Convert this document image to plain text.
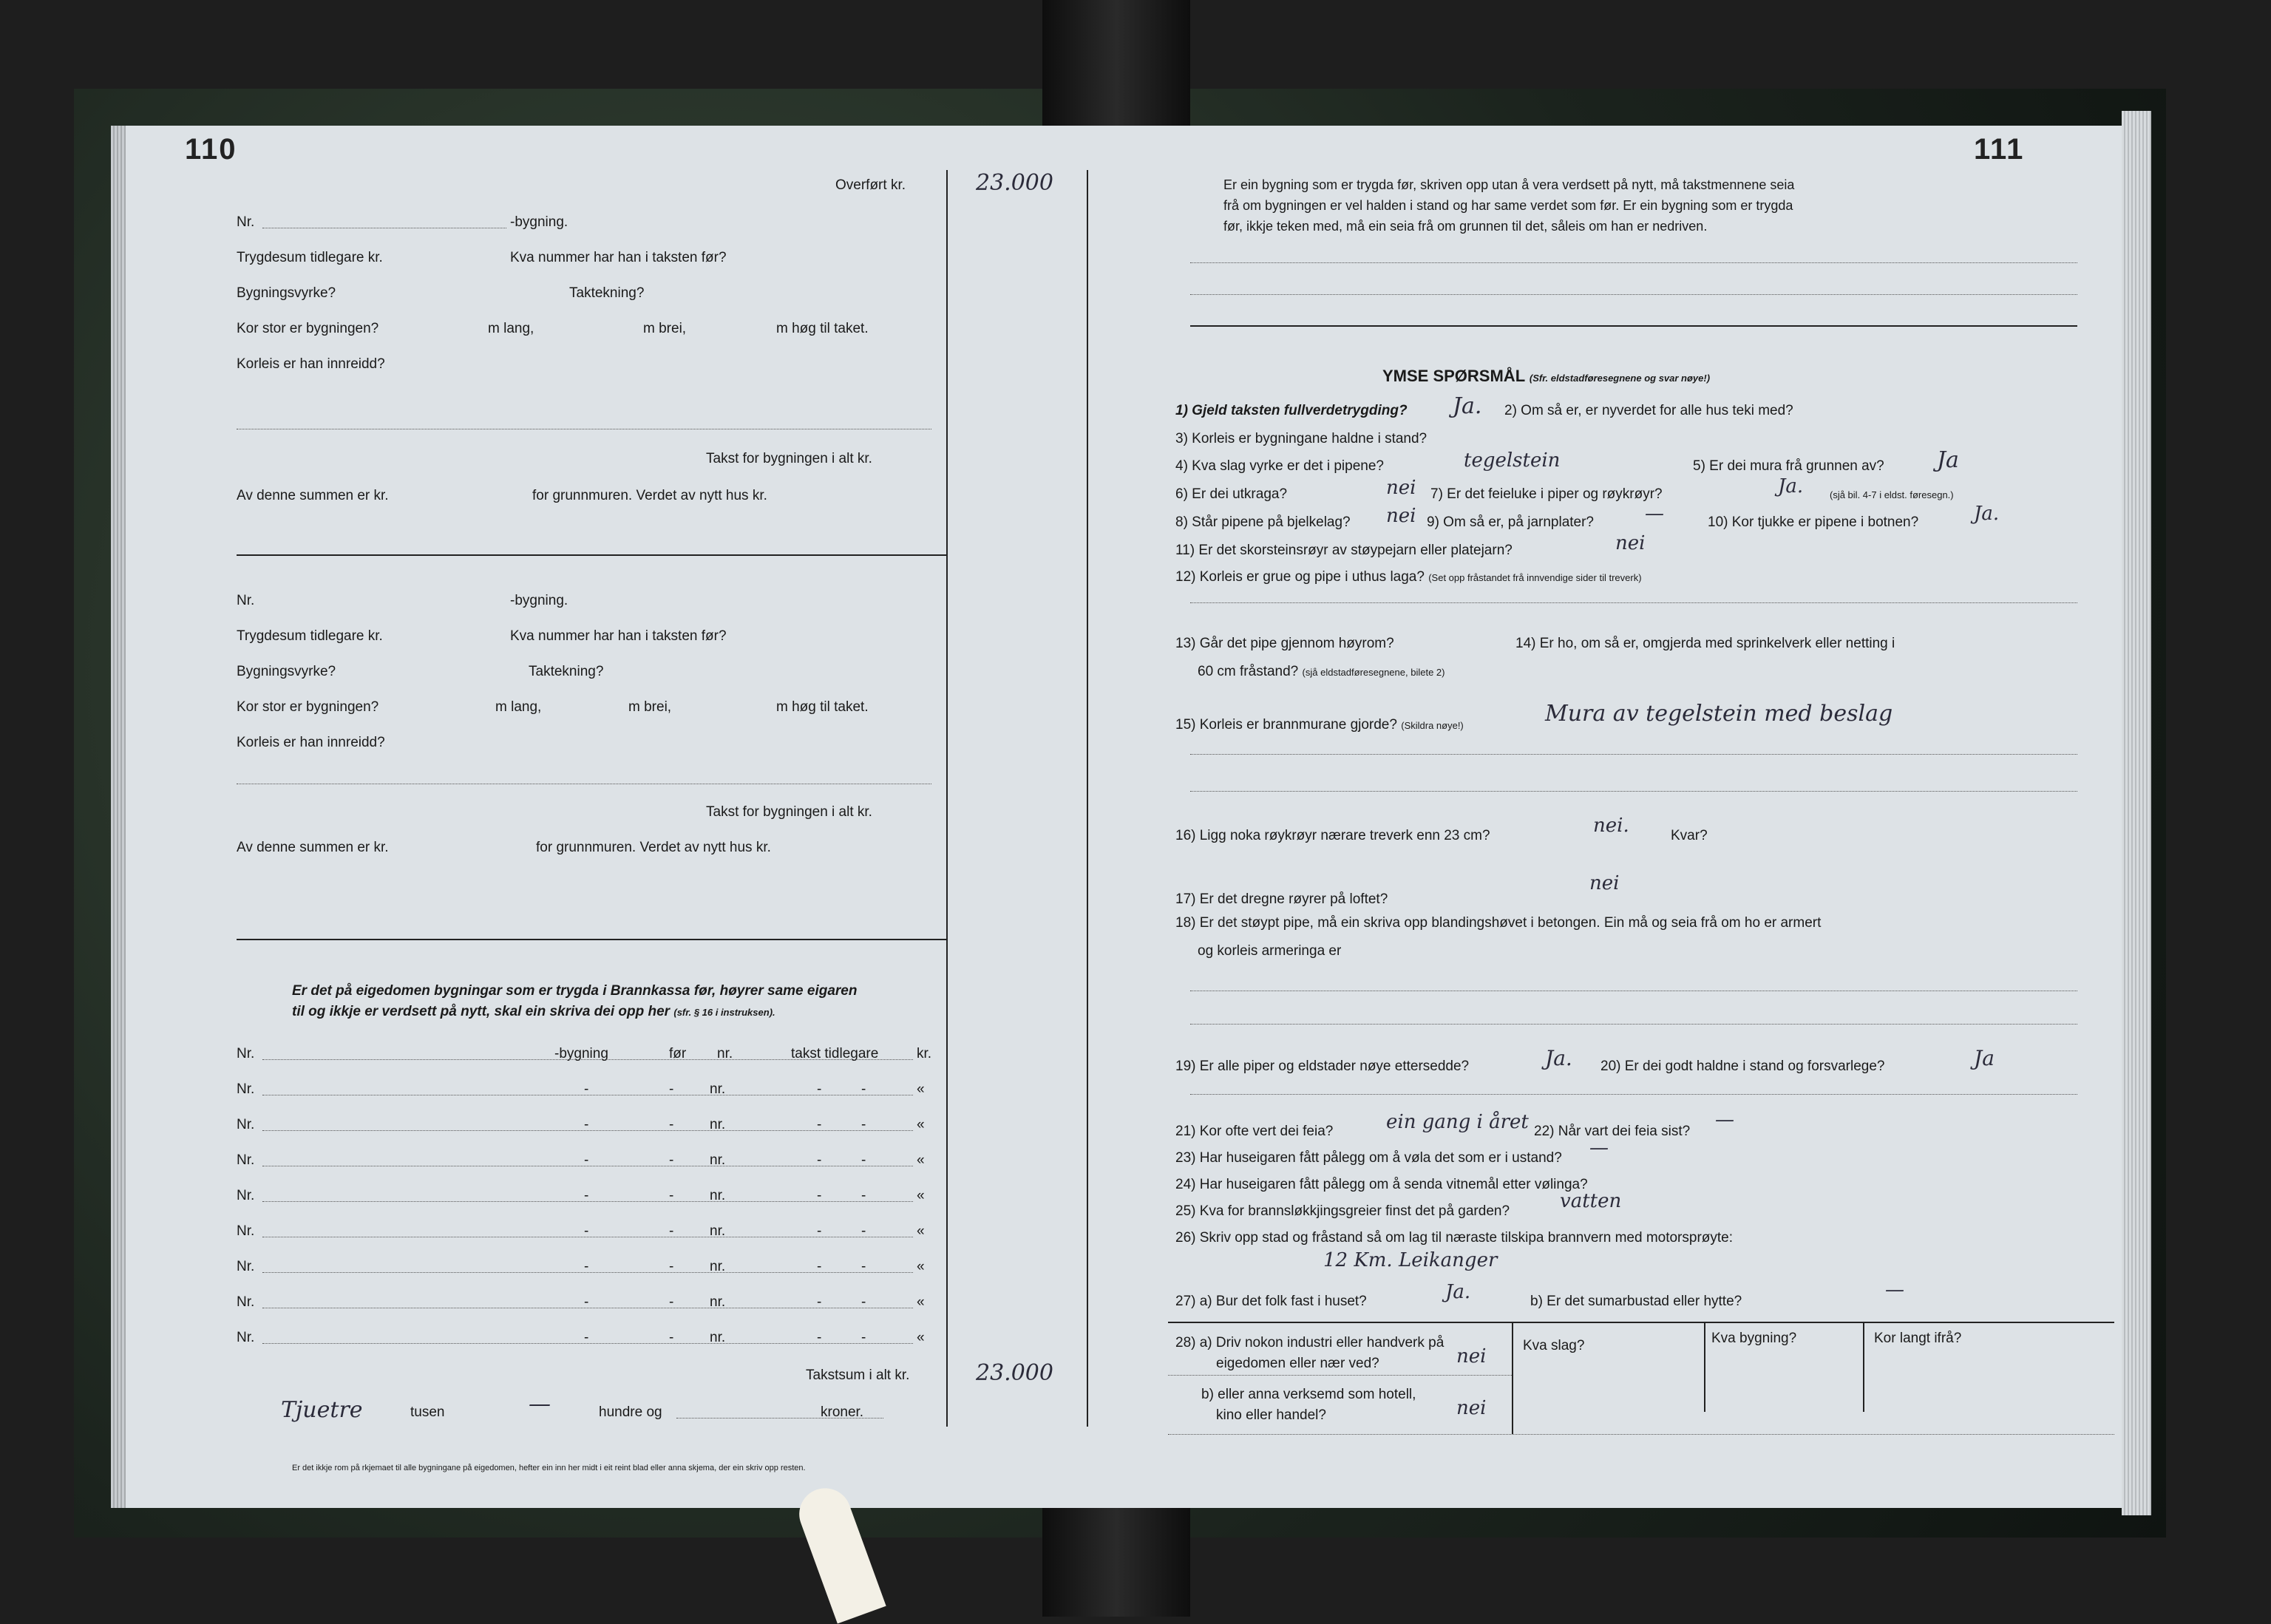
110
Overført kr.	23.000
Nr.	-bygning.
Trygdesum tidlegare kr.	Kva nummer har han i taksten før?
Bygningsvyrke?	Taktekning?
Kor stor er bygningen?	m lang,	m brei,	m høg til taket.
Korleis er han innreidd?
Takst for bygningen i alt kr.
Av denne summen er kr.	for grunnmuren. Verdet av nytt hus kr.
Nr.	-bygning.
Trygdesum tidlegare kr.	Kva nummer har han i taksten før?
Bygningsvyrke?	Taktekning?
Kor stor er bygningen?	m lang,	m brei,	m høg til taket.
Korleis er han innreidd?
Takst for bygningen i alt kr.
Av denne summen er kr.	for grunnmuren. Verdet av nytt hus kr.
Er det på eigedomen bygningar som er trygda i Brannkassa før, høyrer same eigaren
til og ikkje er verdsett på nytt, skal ein skriva dei opp her (sfr. § 16 i instruksen).
Nr.	-bygning	før nr.	takst tidlegare	kr.
Nr.	-	-	nr.	-	-	«
Nr.	-	-	nr.	-	-	«
Nr.	-	-	nr.	-	-	«
Nr.	-	-	nr.	-	-	«
Nr.	-	-	nr.	-	-	«
Nr.	-	-	nr.	-	-	«
Nr.	-	-	nr.	-	-	«
Nr.	-	-	nr.	-	-	«
Takstsum i alt kr.	23.000
Tjuetre	tusen	—	hundre og	kroner.
Er det ikkje rom på rkjemaet til alle bygningane på eigedomen, hefter ein inn her midt i eit reint blad eller anna skjema, der ein skriv opp resten.
111
Er ein bygning som er trygda før, skriven opp utan å vera verdsett på nytt, må takstmennene seia
frå om bygningen er vel halden i stand og har same verdet som før. Er ein bygning som er trygda
før, ikkje teken med, må ein seia frå om grunnen til det, såleis om han er nedriven.
YMSE SPØRSMÅL (Sfr. eldstadføresegnene og svar nøye!)
1) Gjeld taksten fullverdetrygding? Ja. 2) Om så er, er nyverdet for alle hus teki med?
3) Korleis er bygningane haldne i stand?
4) Kva slag vyrke er det i pipene?	tegelstein	5) Er dei mura frå grunnen av? Ja
6) Er dei utkraga?	nei 7) Er det feieluke i piper og røykrøyr?	Ja.	(sjå bil. 4-7 i eldst. føresegn.)
8) Står pipene på bjelkelag? nei 9) Om så er, på jarnplater?	—	10) Kor tjukke er pipene i botnen?	Ja.
11) Er det skorsteinsrøyr av støypejarn eller platejarn?	nei
12) Korleis er grue og pipe i uthus laga? (Set opp fråstandet frå innvendige sider til treverk)
13) Går det pipe gjennom høyrom?	14) Er ho, om så er, omgjerda med sprinkelverk eller netting i
60 cm fråstand? (sjå eldstadføresegnene, bilete 2)
15) Korleis er brannmurane gjorde? (Skildra nøye!)	Mura av tegelstein med beslag
16) Ligg noka røykrøyr nærare treverk enn 23 cm?	nei.	Kvar?
17) Er det dregne røyrer på loftet?
nei
18) Er det støypt pipe, må ein skriva opp blandingshøvet i betongen. Ein må og seia frå om ho er armert
og korleis armeringa er
19) Er alle piper og eldstader nøye ettersedde?	Ja. 20) Er dei godt haldne i stand og forsvarlege?	Ja
21) Kor ofte vert dei feia?	ein gang i året 22) Når vart dei feia sist?
—
23) Har huseigaren fått pålegg om å vøla det som er i ustand? —
24) Har huseigaren fått pålegg om å senda vitnemål etter vølinga?
25) Kva for brannsløkkjingsgreier finst det på garden?	vatten
26) Skriv opp stad og fråstand så om lag til næraste tilskipa brannvern med motorsprøyte:
12 Km. Leikanger
27) a) Bur det folk fast i huset?	Ja.	b) Er det sumarbustad eller hytte?
—
28) a) Driv nokon industri eller handverk på
eigedomen eller nær ved?	nei
b) eller anna verksemd som hotell,
kino eller handel?	nei
Kva slag?	Kva bygning?	Kor langt ifrå?
